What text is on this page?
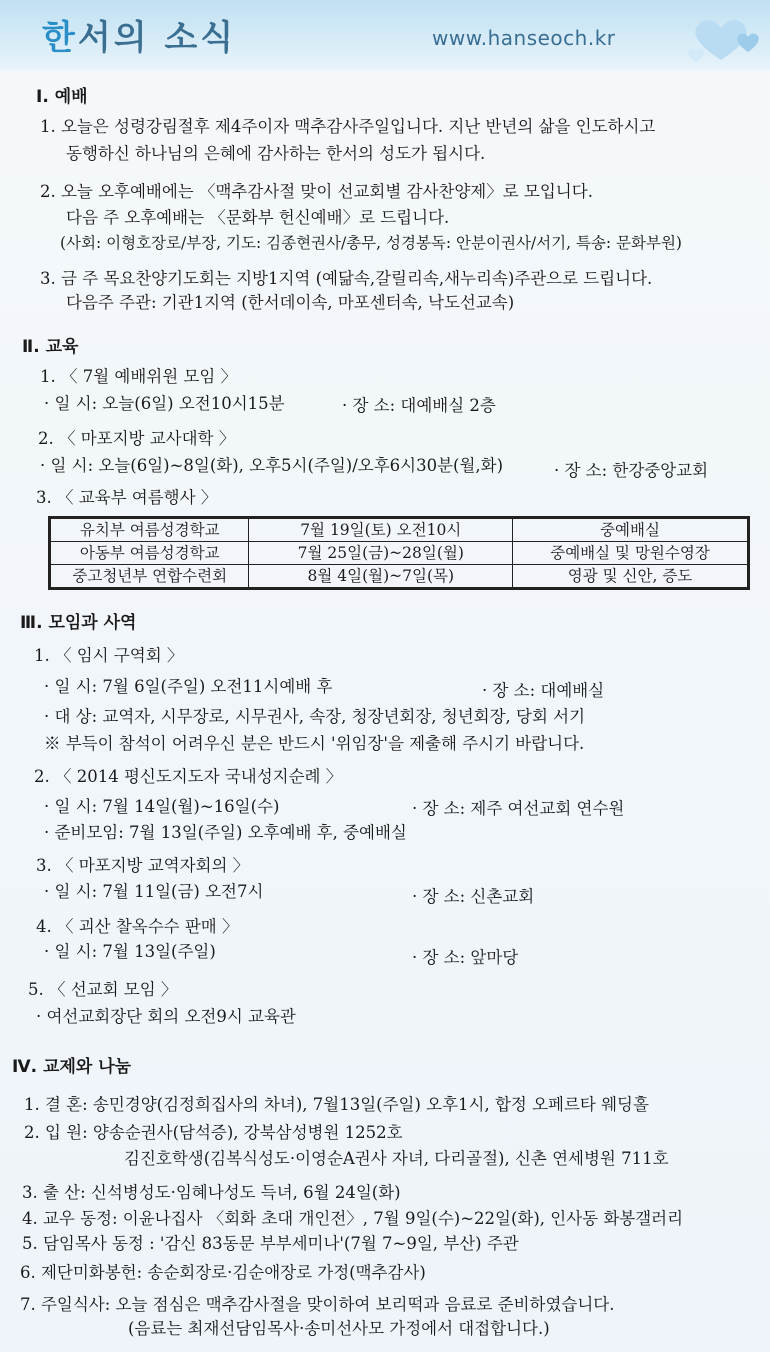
한서의 소식	www.hanseoch.kr
Ⅰ. 예배
1. 오늘은 성령강림절후 제4주이자 맥추감사주일입니다. 지난 반년의 삶을 인도하시고
동행하신 하나님의 은혜에 감사하는 한서의 성도가 됩시다.
2. 오늘 오후예배에는 〈맥추감사절 맞이 선교회별 감사찬양제〉로 모입니다.
다음 주 오후예배는 〈문화부 헌신예배〉로 드립니다.
(사회: 이형호장로/부장, 기도: 김종현권사/총무, 성경봉독: 안분이권사/서기, 특송: 문화부원)
3. 금 주 목요찬양기도회는 지방1지역 (예닮속,갈릴리속,새누리속)주관으로 드립니다.
다음주 주관: 기관1지역 (한서데이속, 마포센터속, 낙도선교속)
Ⅱ. 교육
1. 〈 7월 예배위원 모임 〉
· 일 시: 오늘(6일) 오전10시15분	· 장 소: 대예배실 2층
2. 〈 마포지방 교사대학 〉
· 일 시: 오늘(6일)~8일(화), 오후5시(주일)/오후6시30분(월,화)	· 장 소: 한강중앙교회
3. 〈 교육부 여름행사 〉
유치부 여름성경학교	7월 19일(토) 오전10시	중예배실
아동부 여름성경학교	7월 25일(금)~28일(월)	중예배실 및 망원수영장
중고청년부 연합수련회	8월 4일(월)~7일(목)	영광 및 신안, 증도
Ⅲ. 모임과 사역
1. 〈 임시 구역회 〉
· 일 시: 7월 6일(주일) 오전11시예배 후	· 장 소: 대예배실
· 대 상: 교역자, 시무장로, 시무권사, 속장, 청장년회장, 청년회장, 당회 서기
※ 부득이 참석이 어려우신 분은 반드시 '위임장'을 제출해 주시기 바랍니다.
2. 〈 2014 평신도지도자 국내성지순례 〉
· 일 시: 7월 14일(월)~16일(수)	· 장 소: 제주 여선교회 연수원
· 준비모임: 7월 13일(주일) 오후예배 후, 중예배실
3. 〈 마포지방 교역자회의 〉
· 일 시: 7월 11일(금) 오전7시	· 장 소: 신촌교회
4. 〈 괴산 찰옥수수 판매 〉
· 일 시: 7월 13일(주일)	· 장 소: 앞마당
5. 〈 선교회 모임 〉
· 여선교회장단 회의 오전9시 교육관
Ⅳ. 교제와 나눔
1. 결 혼: 송민경양(김정희집사의 차녀), 7월13일(주일) 오후1시, 합정 오페르타 웨딩홀
2. 입 원: 양송순권사(담석증), 강북삼성병원 1252호
김진호학생(김복식성도·이영순A권사 자녀, 다리골절), 신촌 연세병원 711호
3. 출 산: 신석병성도·임혜나성도 득녀, 6월 24일(화)
4. 교우 동정: 이윤나집사 〈회화 초대 개인전〉, 7월 9일(수)~22일(화), 인사동 화봉갤러리
5. 담임목사 동정 : '감신 83동문 부부세미나'(7월 7~9일, 부산) 주관
6. 제단미화봉헌: 송순회장로·김순애장로 가정(맥추감사)
7. 주일식사: 오늘 점심은 맥추감사절을 맞이하여 보리떡과 음료로 준비하였습니다.
(음료는 최재선담임목사·송미선사모 가정에서 대접합니다.)
